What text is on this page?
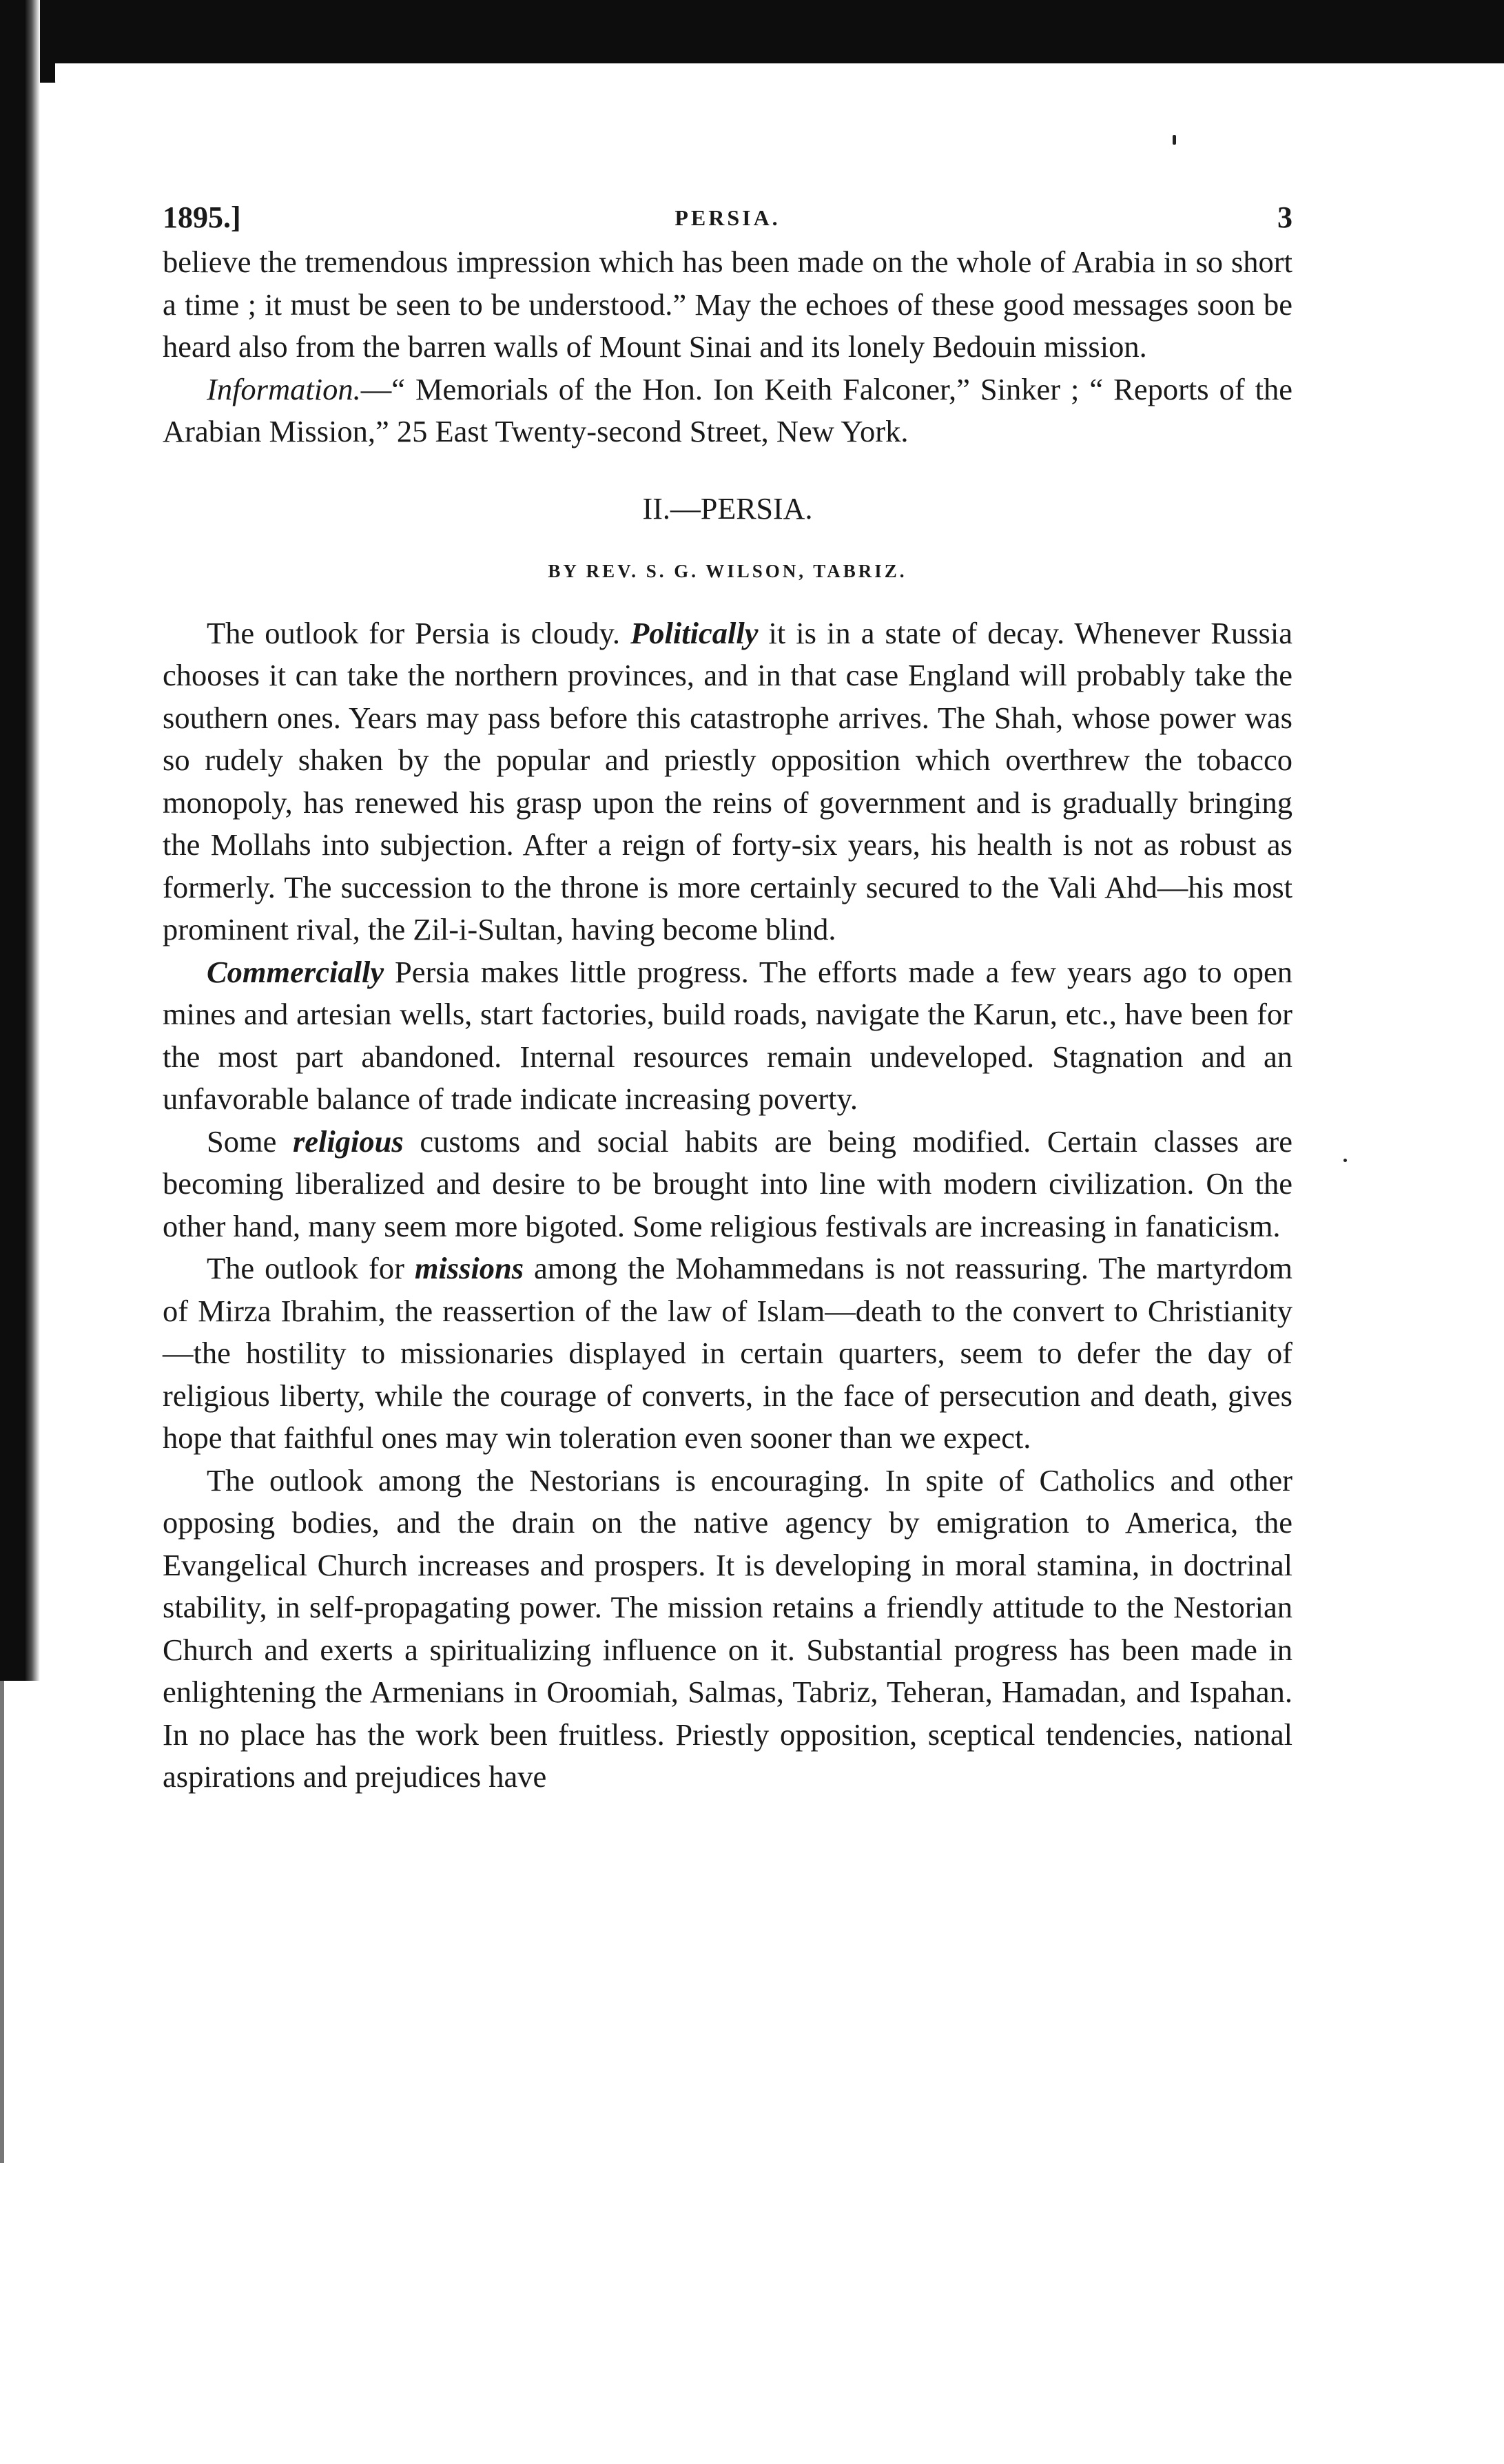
1895.]	PERSIA.	3

believe the tremendous impression which has been made on the whole of Arabia in so short a time ; it must be seen to be understood.” May the echoes of these good messages soon be heard also from the barren walls of Mount Sinai and its lonely Bedouin mission.

Information.—“ Memorials of the Hon. Ion Keith Falconer,” Sinker ; “ Reports of the Arabian Mission,” 25 East Twenty-second Street, New York.

II.—PERSIA.
BY REV. S. G. WILSON, TABRIZ.

The outlook for Persia is cloudy. Politically it is in a state of decay. Whenever Russia chooses it can take the northern provinces, and in that case England will probably take the southern ones. Years may pass before this catastrophe arrives. The Shah, whose power was so rudely shaken by the popular and priestly opposition which overthrew the tobacco monopoly, has renewed his grasp upon the reins of government and is gradually bringing the Mollahs into subjection. After a reign of forty-six years, his health is not as robust as formerly. The succession to the throne is more certainly secured to the Vali Ahd—his most prominent rival, the Zil-i-Sultan, having become blind.

Commercially Persia makes little progress. The efforts made a few years ago to open mines and artesian wells, start factories, build roads, navigate the Karun, etc., have been for the most part abandoned. Internal resources remain undeveloped. Stagnation and an unfavorable balance of trade indicate increasing poverty.

Some religious customs and social habits are being modified. Certain classes are becoming liberalized and desire to be brought into line with modern civilization. On the other hand, many seem more bigoted. Some religious festivals are increasing in fanaticism.

The outlook for missions among the Mohammedans is not reassuring. The martyrdom of Mirza Ibrahim, the reassertion of the law of Islam—death to the convert to Christianity—the hostility to missionaries displayed in certain quarters, seem to defer the day of religious liberty, while the courage of converts, in the face of persecution and death, gives hope that faithful ones may win toleration even sooner than we expect.

The outlook among the Nestorians is encouraging. In spite of Catholics and other opposing bodies, and the drain on the native agency by emigration to America, the Evangelical Church increases and prospers. It is developing in moral stamina, in doctrinal stability, in self-propagating power. The mission retains a friendly attitude to the Nestorian Church and exerts a spiritualizing influence on it. Substantial progress has been made in enlightening the Armenians in Oroomiah, Salmas, Tabriz, Teheran, Hamadan, and Ispahan. In no place has the work been fruitless. Priestly opposition, sceptical tendencies, national aspirations and prejudices have
